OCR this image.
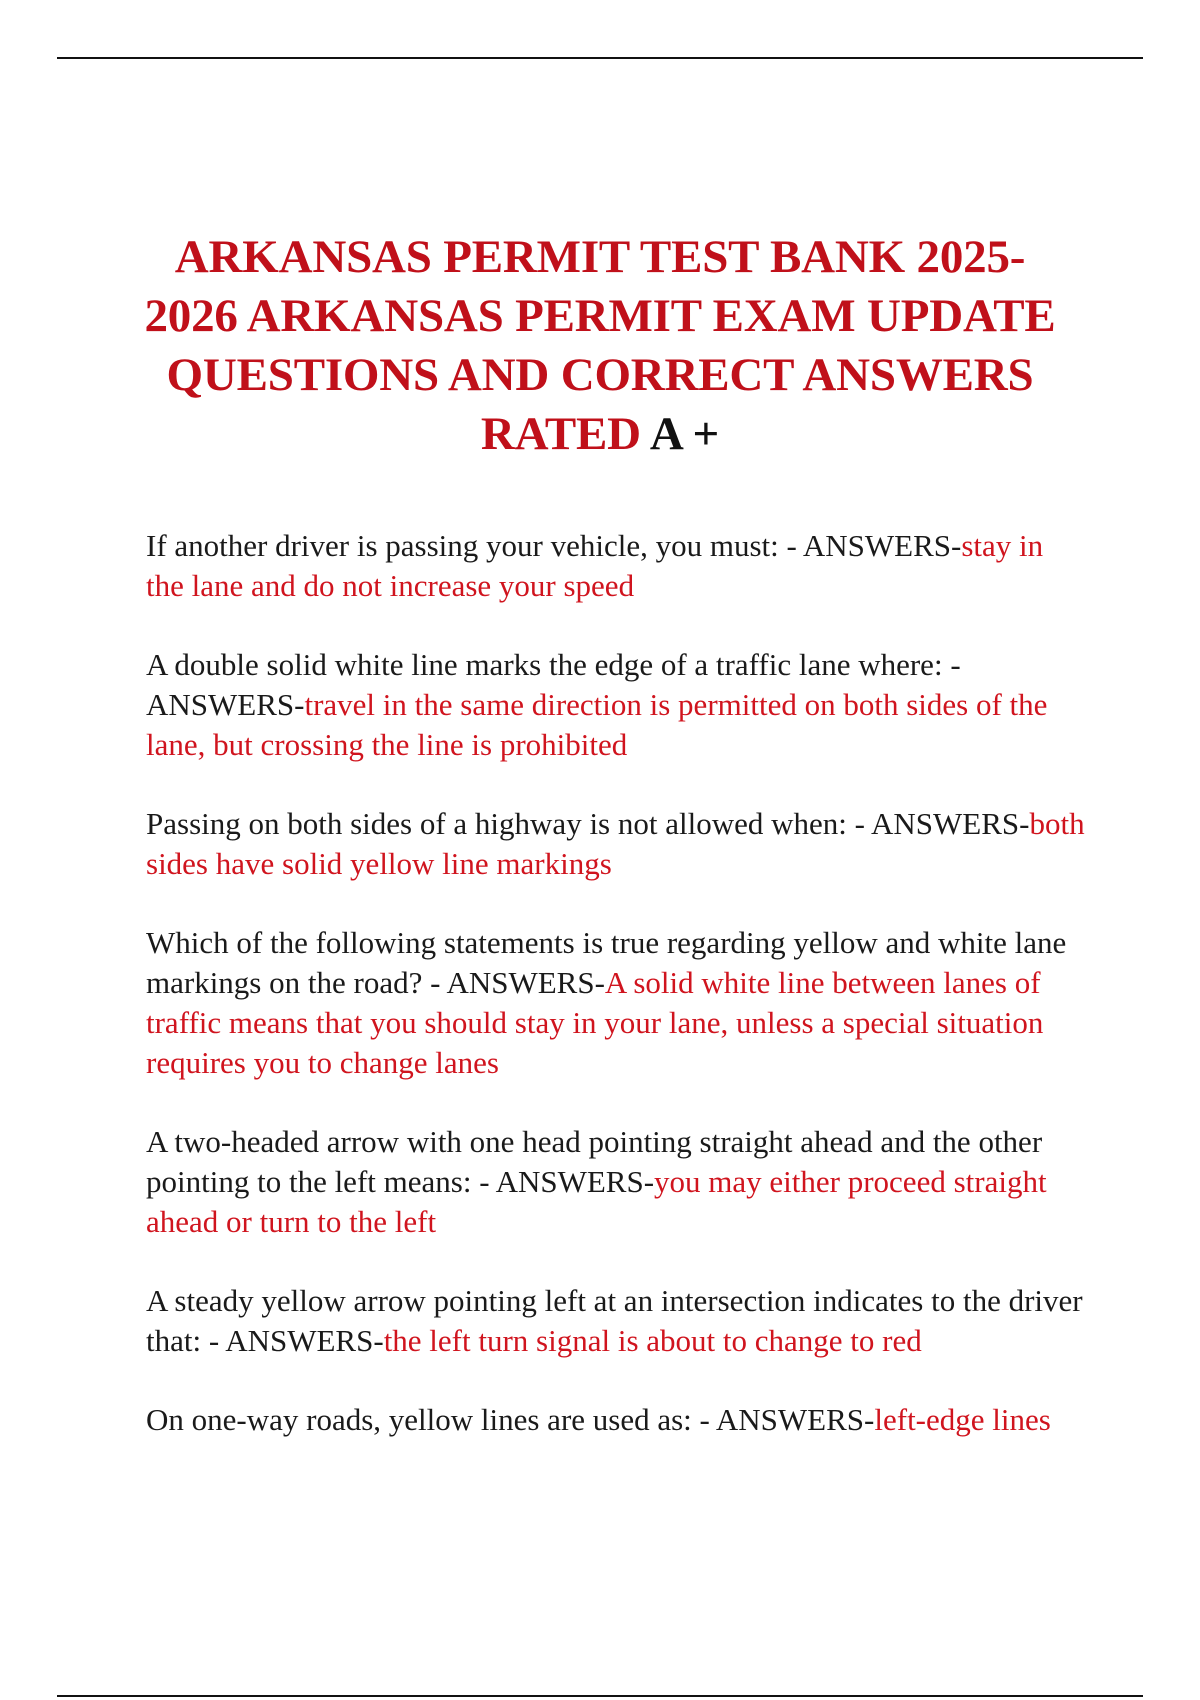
ARKANSAS PERMIT TEST BANK 2025-2026 ARKANSAS PERMIT EXAM UPDATE QUESTIONS AND CORRECT ANSWERS RATED A +

If another driver is passing your vehicle, you must: - ANSWERS-stay in the lane and do not increase your speed

A double solid white line marks the edge of a traffic lane where: - ANSWERS-travel in the same direction is permitted on both sides of the lane, but crossing the line is prohibited

Passing on both sides of a highway is not allowed when: - ANSWERS-both sides have solid yellow line markings

Which of the following statements is true regarding yellow and white lane markings on the road? - ANSWERS-A solid white line between lanes of traffic means that you should stay in your lane, unless a special situation requires you to change lanes

A two-headed arrow with one head pointing straight ahead and the other pointing to the left means: - ANSWERS-you may either proceed straight ahead or turn to the left

A steady yellow arrow pointing left at an intersection indicates to the driver that: - ANSWERS-the left turn signal is about to change to red

On one-way roads, yellow lines are used as: - ANSWERS-left-edge lines
